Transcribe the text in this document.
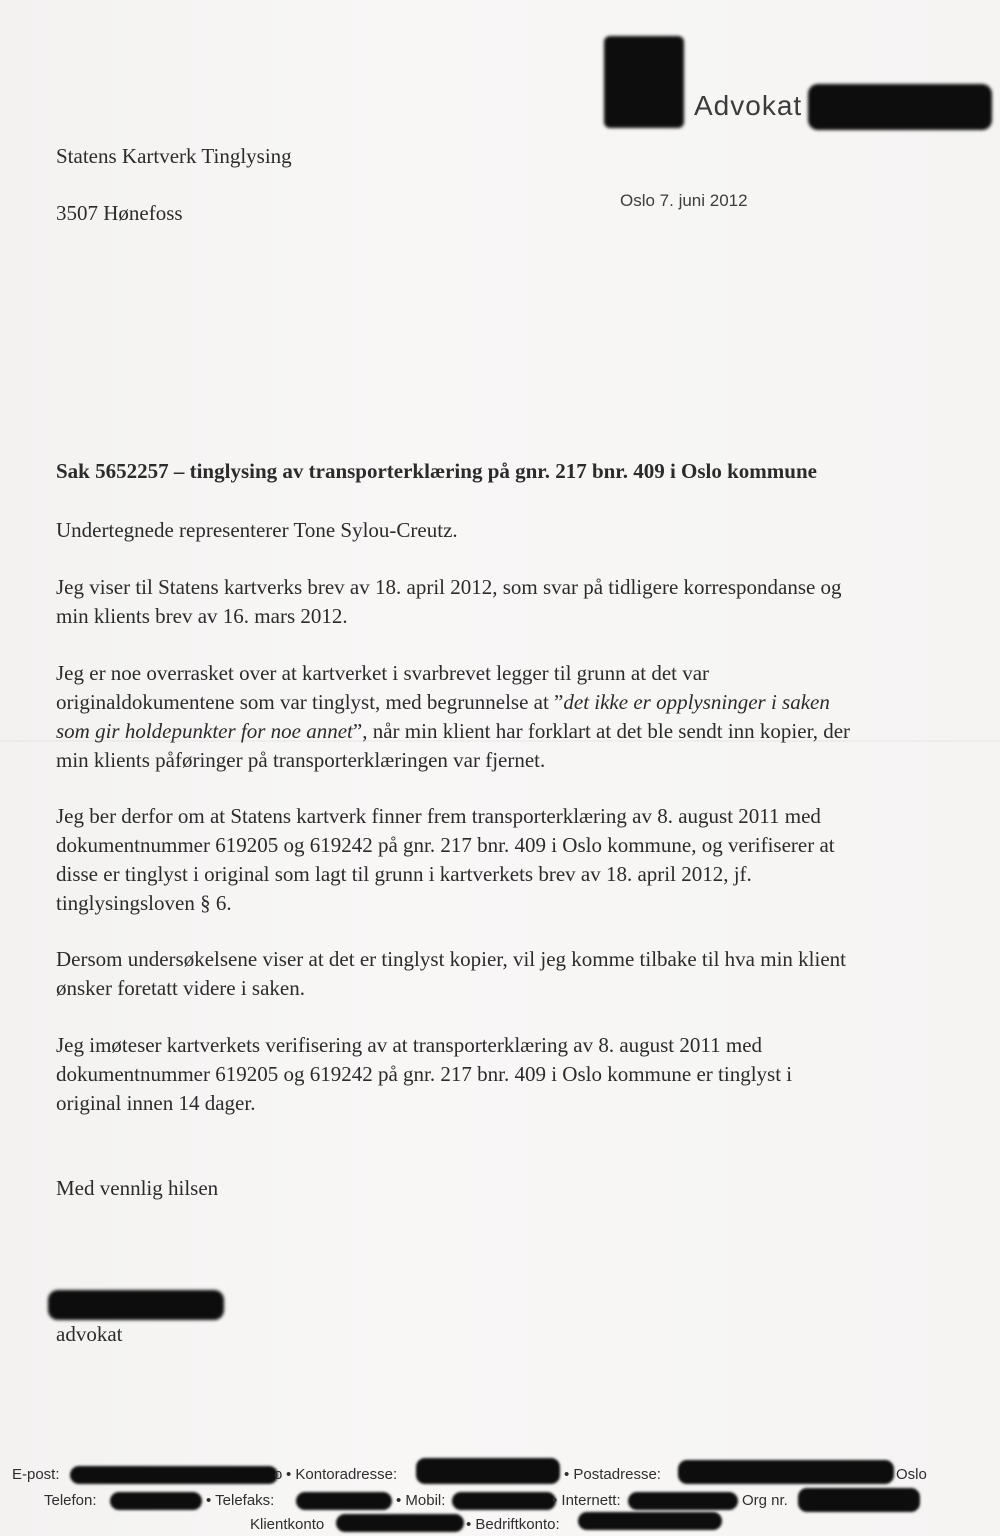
Advokat
Statens Kartverk Tinglysing
3507 Hønefoss
Oslo 7. juni 2012
Sak 5652257 – tinglysing av transporterklæring på gnr. 217 bnr. 409 i Oslo kommune

Undertegnede representerer Tone Sylou-Creutz.

Jeg viser til Statens kartverks brev av 18. april 2012, som svar på tidligere korrespondanse og
min klients brev av 16. mars 2012.

Jeg er noe overrasket over at kartverket i svarbrevet legger til grunn at det var
originaldokumentene som var tinglyst, med begrunnelse at ”det ikke er opplysninger i saken
som gir holdepunkter for noe annet”, når min klient har forklart at det ble sendt inn kopier, der
min klients påføringer på transporterklæringen var fjernet.

Jeg ber derfor om at Statens kartverk finner frem transporterklæring av 8. august 2011 med
dokumentnummer 619205 og 619242 på gnr. 217 bnr. 409 i Oslo kommune, og verifiserer at
disse er tinglyst i original som lagt til grunn i kartverkets brev av 18. april 2012, jf.
tinglysingsloven § 6.

Dersom undersøkelsene viser at det er tinglyst kopier, vil jeg komme tilbake til hva min klient
ønsker foretatt videre i saken.

Jeg imøteser kartverkets verifisering av at transporterklæring av 8. august 2011 med
dokumentnummer 619205 og 619242 på gnr. 217 bnr. 409 i Oslo kommune er tinglyst i
original innen 14 dager.

Med vennlig hilsen
advokat
E-post:	o • Kontoradresse:	• Postadresse:	Oslo
Telefon:	• Telefaks:	• Mobil:	• Internett:	Org nr.
Klientkonto	• Bedriftkonto:
